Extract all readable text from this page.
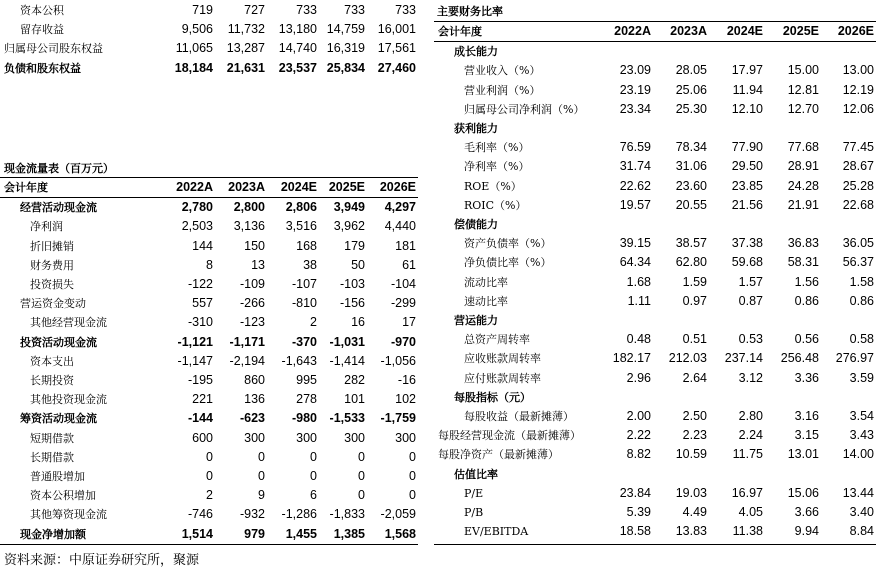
资本公积	719	727	733	733	733
留存收益	9,506	11,732	13,180	14,759	16,001
归属母公司股东权益	11,065	13,287	14,740	16,319	17,561
负债和股东权益	18,184	21,631	23,537	25,834	27,460
现金流量表（百万元）
会计年度	2022A	2023A	2024E	2025E	2026E
经营活动现金流	2,780	2,800	2,806	3,949	4,297
净利润	2,503	3,136	3,516	3,962	4,440
折旧摊销	144	150	168	179	181
财务费用	8	13	38	50	61
投资损失	-122	-109	-107	-103	-104
营运资金变动	557	-266	-810	-156	-299
其他经营现金流	-310	-123	2	16	17
投资活动现金流	-1,121	-1,171	-370	-1,031	-970
资本支出	-1,147	-2,194	-1,643	-1,414	-1,056
长期投资	-195	860	995	282	-16
其他投资现金流	221	136	278	101	102
筹资活动现金流	-144	-623	-980	-1,533	-1,759
短期借款	600	300	300	300	300
长期借款	0	0	0	0	0
普通股增加	0	0	0	0	0
资本公积增加	2	9	6	0	0
其他筹资现金流	-746	-932	-1,286	-1,833	-2,059
现金净增加额	1,514	979	1,455	1,385	1,568
主要财务比率
会计年度	2022A	2023A	2024E	2025E	2026E
成长能力					
营业收入（%）	23.09	28.05	17.97	15.00	13.00
营业利润（%）	23.19	25.06	11.94	12.81	12.19
归属母公司净利润（%）	23.34	25.30	12.10	12.70	12.06
获利能力					
毛利率（%）	76.59	78.34	77.90	77.68	77.45
净利率（%）	31.74	31.06	29.50	28.91	28.67
ROE（%）	22.62	23.60	23.85	24.28	25.28
ROIC（%）	19.57	20.55	21.56	21.91	22.68
偿债能力					
资产负债率（%）	39.15	38.57	37.38	36.83	36.05
净负债比率（%）	64.34	62.80	59.68	58.31	56.37
流动比率	1.68	1.59	1.57	1.56	1.58
速动比率	1.11	0.97	0.87	0.86	0.86
营运能力					
总资产周转率	0.48	0.51	0.53	0.56	0.58
应收账款周转率	182.17	212.03	237.14	256.48	276.97
应付账款周转率	2.96	2.64	3.12	3.36	3.59
每股指标（元）					
每股收益（最新摊薄）	2.00	2.50	2.80	3.16	3.54
每股经营现金流（最新摊薄）	2.22	2.23	2.24	3.15	3.43
每股净资产（最新摊薄）	8.82	10.59	11.75	13.01	14.00
估值比率					
P/E	23.84	19.03	16.97	15.06	13.44
P/B	5.39	4.49	4.05	3.66	3.40
EV/EBITDA	18.58	13.83	11.38	9.94	8.84
资料来源：中原证券研究所，聚源
